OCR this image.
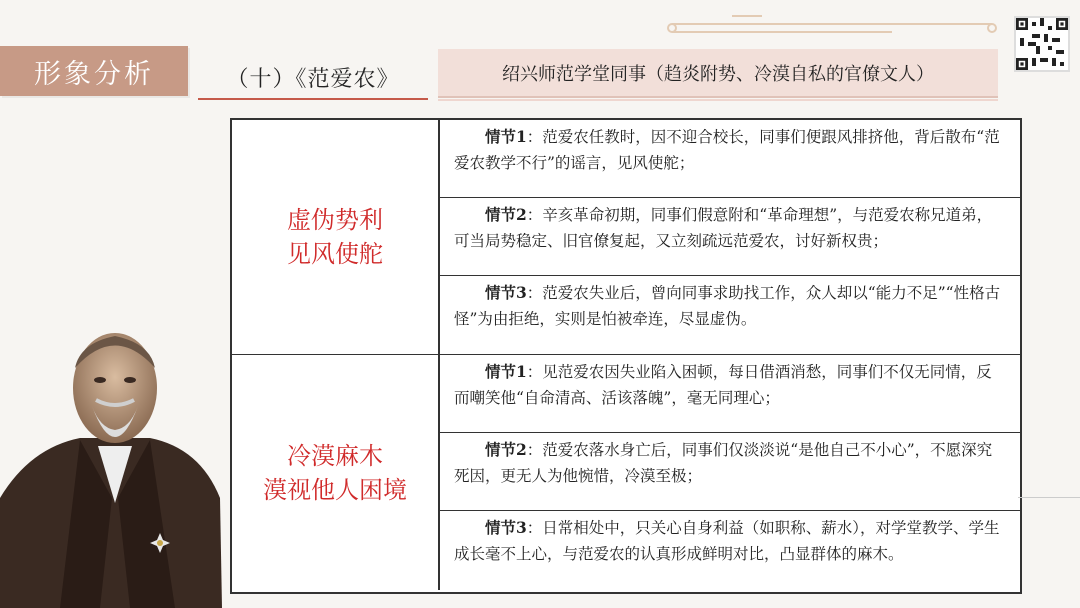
形象分析	（十）《范爱农》	绍兴师范学堂同事（趋炎附势、冷漠自私的官僚文人）
虚伪势利
见风使舵
情节1：范爱农任教时，因不迎合校长，同事们便跟风排挤他，背后散布“范爱农教学不行”的谣言，见风使舵；
情节2：辛亥革命初期，同事们假意附和“革命理想”，与范爱农称兄道弟，可当局势稳定、旧官僚复起，又立刻疏远范爱农，讨好新权贵；
情节3：范爱农失业后，曾向同事求助找工作，众人却以“能力不足”“性格古怪”为由拒绝，实则是怕被牵连，尽显虚伪。
冷漠麻木
漠视他人困境
情节1：见范爱农因失业陷入困顿，每日借酒消愁，同事们不仅无同情，反而嘲笑他“自命清高、活该落魄”，毫无同理心；
情节2：范爱农落水身亡后，同事们仅淡淡说“是他自己不小心”，不愿深究死因，更无人为他惋惜，冷漠至极；
情节3：日常相处中，只关心自身利益（如职称、薪水），对学堂教学、学生成长毫不上心，与范爱农的认真形成鲜明对比，凸显群体的麻木。
